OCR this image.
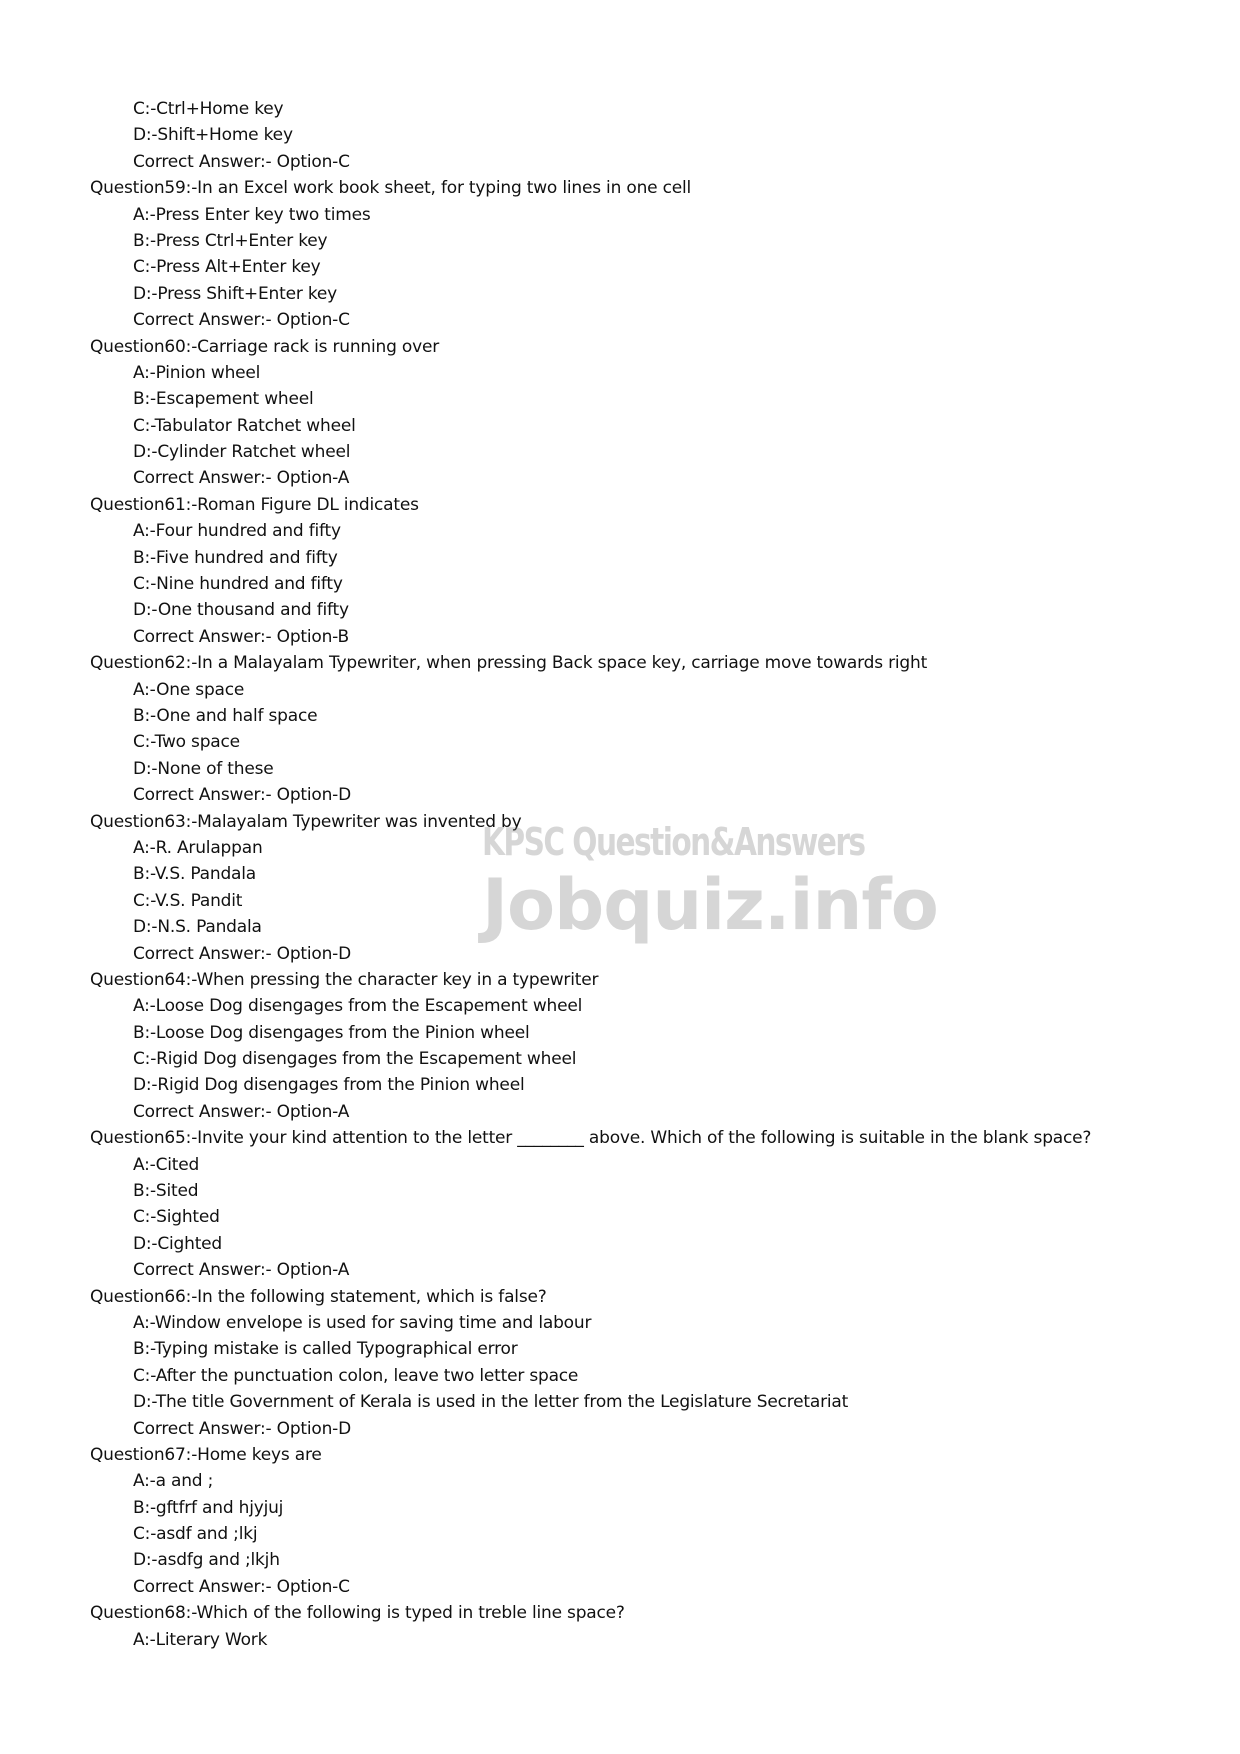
C:-Ctrl+Home key
D:-Shift+Home key
Correct Answer:- Option-C
Question59:-In an Excel work book sheet, for typing two lines in one cell
A:-Press Enter key two times
B:-Press Ctrl+Enter key
C:-Press Alt+Enter key
D:-Press Shift+Enter key
Correct Answer:- Option-C
Question60:-Carriage rack is running over
A:-Pinion wheel
B:-Escapement wheel
C:-Tabulator Ratchet wheel
D:-Cylinder Ratchet wheel
Correct Answer:- Option-A
Question61:-Roman Figure DL indicates
A:-Four hundred and fifty
B:-Five hundred and fifty
C:-Nine hundred and fifty
D:-One thousand and fifty
Correct Answer:- Option-B
Question62:-In a Malayalam Typewriter, when pressing Back space key, carriage move towards right
A:-One space
B:-One and half space
C:-Two space
D:-None of these
Correct Answer:- Option-D
Question63:-Malayalam Typewriter was invented by
A:-R. Arulappan
B:-V.S. Pandala
C:-V.S. Pandit
D:-N.S. Pandala
Correct Answer:- Option-D
Question64:-When pressing the character key in a typewriter
A:-Loose Dog disengages from the Escapement wheel
B:-Loose Dog disengages from the Pinion wheel
C:-Rigid Dog disengages from the Escapement wheel
D:-Rigid Dog disengages from the Pinion wheel
Correct Answer:- Option-A
Question65:-Invite your kind attention to the letter ________ above. Which of the following is suitable in the blank space?
A:-Cited
B:-Sited
C:-Sighted
D:-Cighted
Correct Answer:- Option-A
Question66:-In the following statement, which is false?
A:-Window envelope is used for saving time and labour
B:-Typing mistake is called Typographical error
C:-After the punctuation colon, leave two letter space
D:-The title Government of Kerala is used in the letter from the Legislature Secretariat
Correct Answer:- Option-D
Question67:-Home keys are
A:-a and ;
B:-gftfrf and hjyjuj
C:-asdf and ;lkj
D:-asdfg and ;lkjh
Correct Answer:- Option-C
Question68:-Which of the following is typed in treble line space?
A:-Literary Work
KPSC Question&Answers
Jobquiz.info
